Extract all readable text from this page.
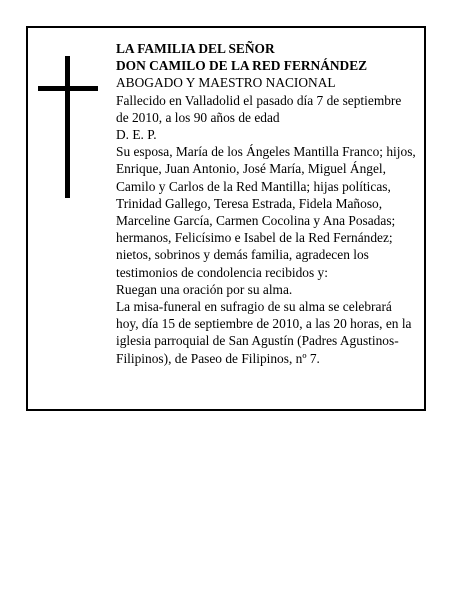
LA FAMILIA DEL SEÑOR
DON CAMILO DE LA RED FERNÁNDEZ
ABOGADO Y MAESTRO NACIONAL
Fallecido en Valladolid el pasado día 7 de septiembre
de 2010, a los 90 años de edad
D. E. P.
Su esposa, María de los Ángeles Mantilla Franco; hijos,
Enrique, Juan Antonio, José María, Miguel Ángel,
Camilo y Carlos de la Red Mantilla; hijas políticas,
Trinidad Gallego, Teresa Estrada, Fidela Mañoso,
Marceline García, Carmen Cocolina y Ana Posadas;
hermanos, Felicísimo e Isabel de la Red Fernández;
nietos, sobrinos y demás familia, agradecen los
testimonios de condolencia recibidos y:
Ruegan una oración por su alma.
La misa-funeral en sufragio de su alma se celebrará
hoy, día 15 de septiembre de 2010, a las 20 horas, en la
iglesia parroquial de San Agustín (Padres Agustinos-
Filipinos), de Paseo de Filipinos, nº 7.
